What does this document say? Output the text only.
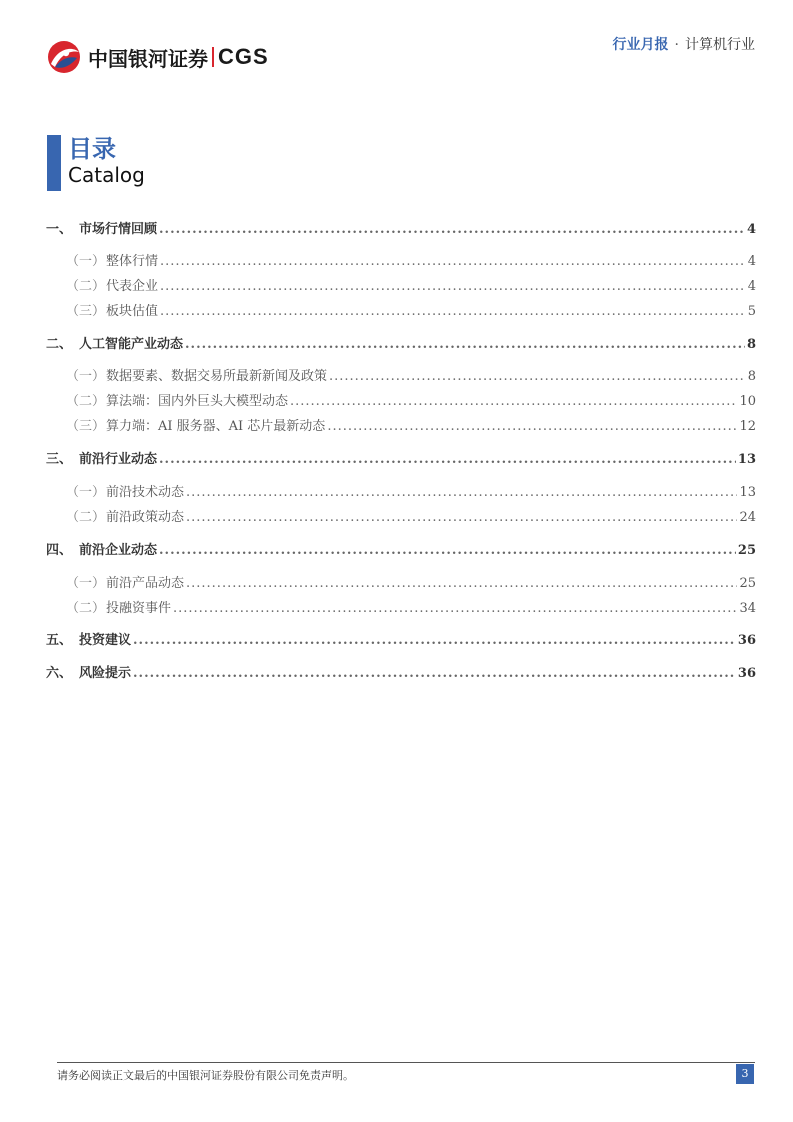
中国银河证券 CGS	行业月报 · 计算机行业
目录
Catalog
一、 市场行情回顾 .....	4
（一） 整体行情 .....	4
（二） 代表企业 .....	4
（三） 板块估值 .....	5
二、 人工智能产业动态 .....	8
（一） 数据要素、数据交易所最新新闻及政策 .....	8
（二） 算法端：国内外巨头大模型动态 .....	10
（三） 算力端：AI 服务器、AI 芯片最新动态 .....	12
三、 前沿行业动态 .....	13
（一） 前沿技术动态 .....	13
（二） 前沿政策动态 .....	24
四、 前沿企业动态 .....	25
（一） 前沿产品动态 .....	25
（二） 投融资事件 .....	34
五、 投资建议 .....	36
六、 风险提示 .....	36
请务必阅读正文最后的中国银河证券股份有限公司免责声明。	3
